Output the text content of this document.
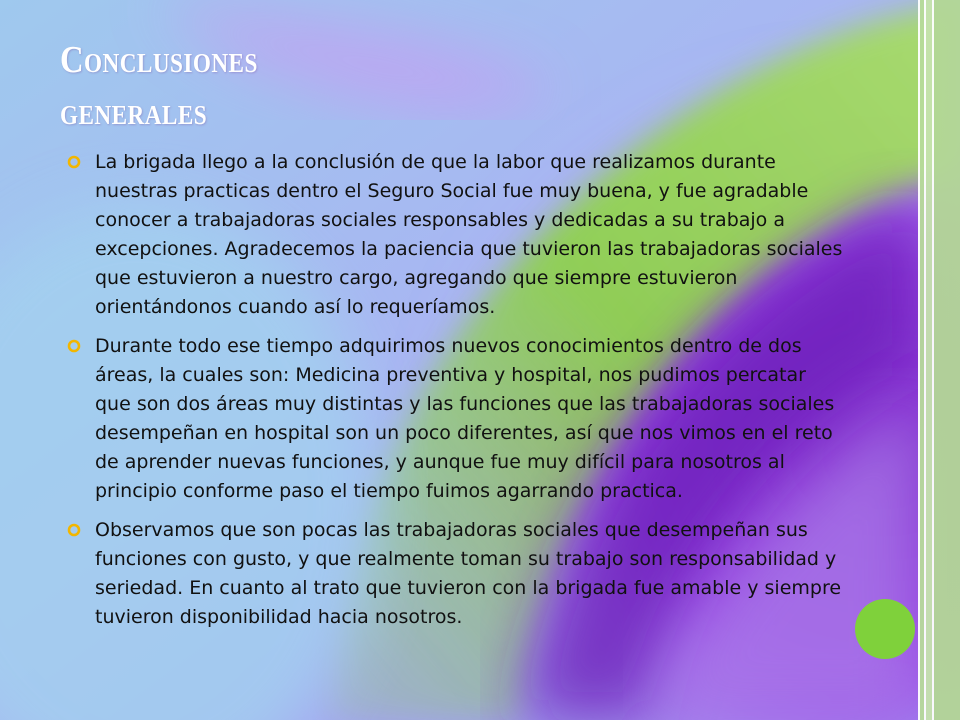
Conclusiones
generales
La brigada llego a la conclusión de que la labor que realizamos durante nuestras practicas dentro el Seguro Social fue muy buena, y fue agradable conocer a trabajadoras sociales responsables y dedicadas a su trabajo a excepciones. Agradecemos la paciencia que tuvieron las trabajadoras sociales que estuvieron a nuestro cargo, agregando que siempre estuvieron orientándonos cuando así lo requeríamos.
Durante todo ese tiempo adquirimos nuevos conocimientos dentro de dos áreas, la cuales son: Medicina preventiva y hospital, nos pudimos percatar que son dos áreas muy distintas y las funciones que las trabajadoras sociales desempeñan en hospital son un poco diferentes, así que nos vimos en el reto de aprender nuevas funciones, y aunque fue muy difícil para nosotros al principio conforme paso el tiempo fuimos agarrando practica.
Observamos que son pocas las trabajadoras sociales que desempeñan sus funciones con gusto, y que realmente toman su trabajo son responsabilidad y seriedad. En cuanto al trato que tuvieron con la brigada fue amable y siempre tuvieron disponibilidad hacia nosotros.
